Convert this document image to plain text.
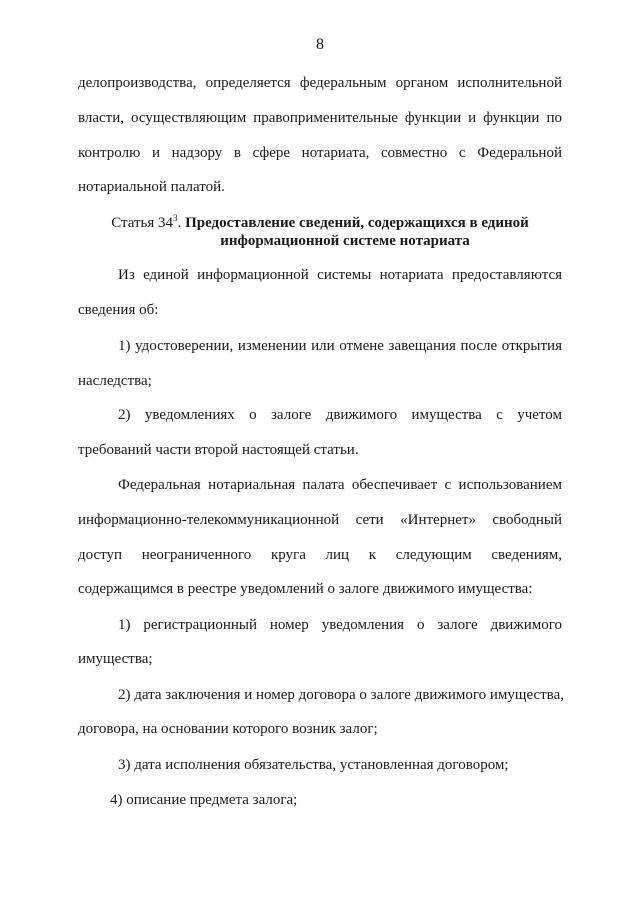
8
делопроизводства, определяется федеральным органом исполнительной
власти, осуществляющим правоприменительные функции и функции по
контролю и надзору в сфере нотариата, совместно с Федеральной
нотариальной палатой.
Статья $34^3$. Предоставление сведений, содержащихся в единой
информационной системе нотариата
Из единой информационной системы нотариата предоставляются
сведения об:
1) удостоверении, изменении или отмене завещания после открытия
наследства;
2) уведомлениях о залоге движимого имущества с учетом
требований части второй настоящей статьи.
Федеральная нотариальная палата обеспечивает с использованием
информационно-телекоммуникационной сети «Интернет» свободный
доступ неограниченного круга лиц к следующим сведениям,
содержащимся в реестре уведомлений о залоге движимого имущества:
1) регистрационный номер уведомления о залоге движимого
имущества;
2) дата заключения и номер договора о залоге движимого имущества,
договора, на основании которого возник залог;
3) дата исполнения обязательства, установленная договором;
4) описание предмета залога;
